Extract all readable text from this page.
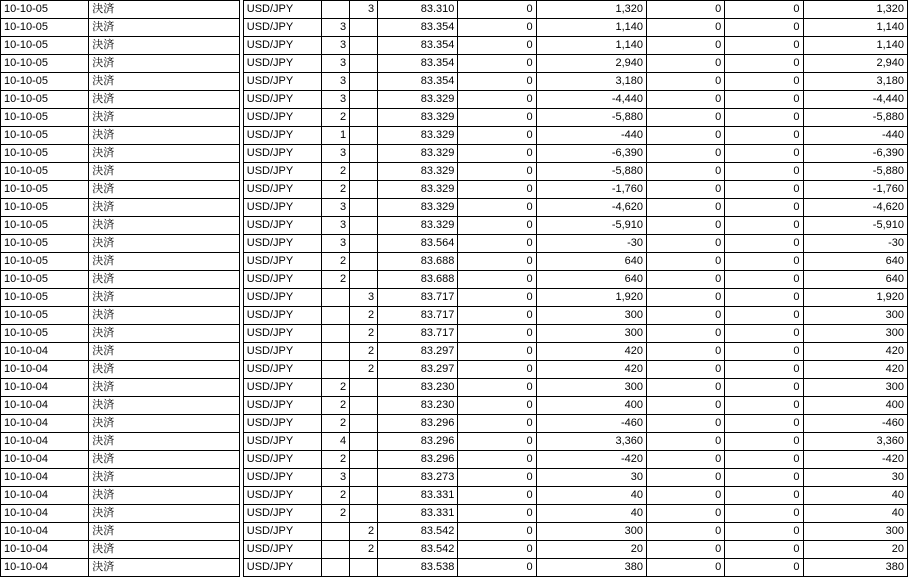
10-10-05	決済		USD/JPY		3	83.310	0	1,320	0	0	1,320
10-10-05	決済		USD/JPY	3		83.354	0	1,140	0	0	1,140
10-10-05	決済		USD/JPY	3		83.354	0	1,140	0	0	1,140
10-10-05	決済		USD/JPY	3		83.354	0	2,940	0	0	2,940
10-10-05	決済		USD/JPY	3		83.354	0	3,180	0	0	3,180
10-10-05	決済		USD/JPY	3		83.329	0	-4,440	0	0	-4,440
10-10-05	決済		USD/JPY	2		83.329	0	-5,880	0	0	-5,880
10-10-05	決済		USD/JPY	1		83.329	0	-440	0	0	-440
10-10-05	決済		USD/JPY	3		83.329	0	-6,390	0	0	-6,390
10-10-05	決済		USD/JPY	2		83.329	0	-5,880	0	0	-5,880
10-10-05	決済		USD/JPY	2		83.329	0	-1,760	0	0	-1,760
10-10-05	決済		USD/JPY	3		83.329	0	-4,620	0	0	-4,620
10-10-05	決済		USD/JPY	3		83.329	0	-5,910	0	0	-5,910
10-10-05	決済		USD/JPY	3		83.564	0	-30	0	0	-30
10-10-05	決済		USD/JPY	2		83.688	0	640	0	0	640
10-10-05	決済		USD/JPY	2		83.688	0	640	0	0	640
10-10-05	決済		USD/JPY		3	83.717	0	1,920	0	0	1,920
10-10-05	決済		USD/JPY		2	83.717	0	300	0	0	300
10-10-05	決済		USD/JPY		2	83.717	0	300	0	0	300
10-10-04	決済		USD/JPY		2	83.297	0	420	0	0	420
10-10-04	決済		USD/JPY		2	83.297	0	420	0	0	420
10-10-04	決済		USD/JPY	2		83.230	0	300	0	0	300
10-10-04	決済		USD/JPY	2		83.230	0	400	0	0	400
10-10-04	決済		USD/JPY	2		83.296	0	-460	0	0	-460
10-10-04	決済		USD/JPY	4		83.296	0	3,360	0	0	3,360
10-10-04	決済		USD/JPY	2		83.296	0	-420	0	0	-420
10-10-04	決済		USD/JPY	3		83.273	0	30	0	0	30
10-10-04	決済		USD/JPY	2		83.331	0	40	0	0	40
10-10-04	決済		USD/JPY	2		83.331	0	40	0	0	40
10-10-04	決済		USD/JPY		2	83.542	0	300	0	0	300
10-10-04	決済		USD/JPY		2	83.542	0	20	0	0	20
10-10-04	決済		USD/JPY			83.538	0	380	0	0	380
